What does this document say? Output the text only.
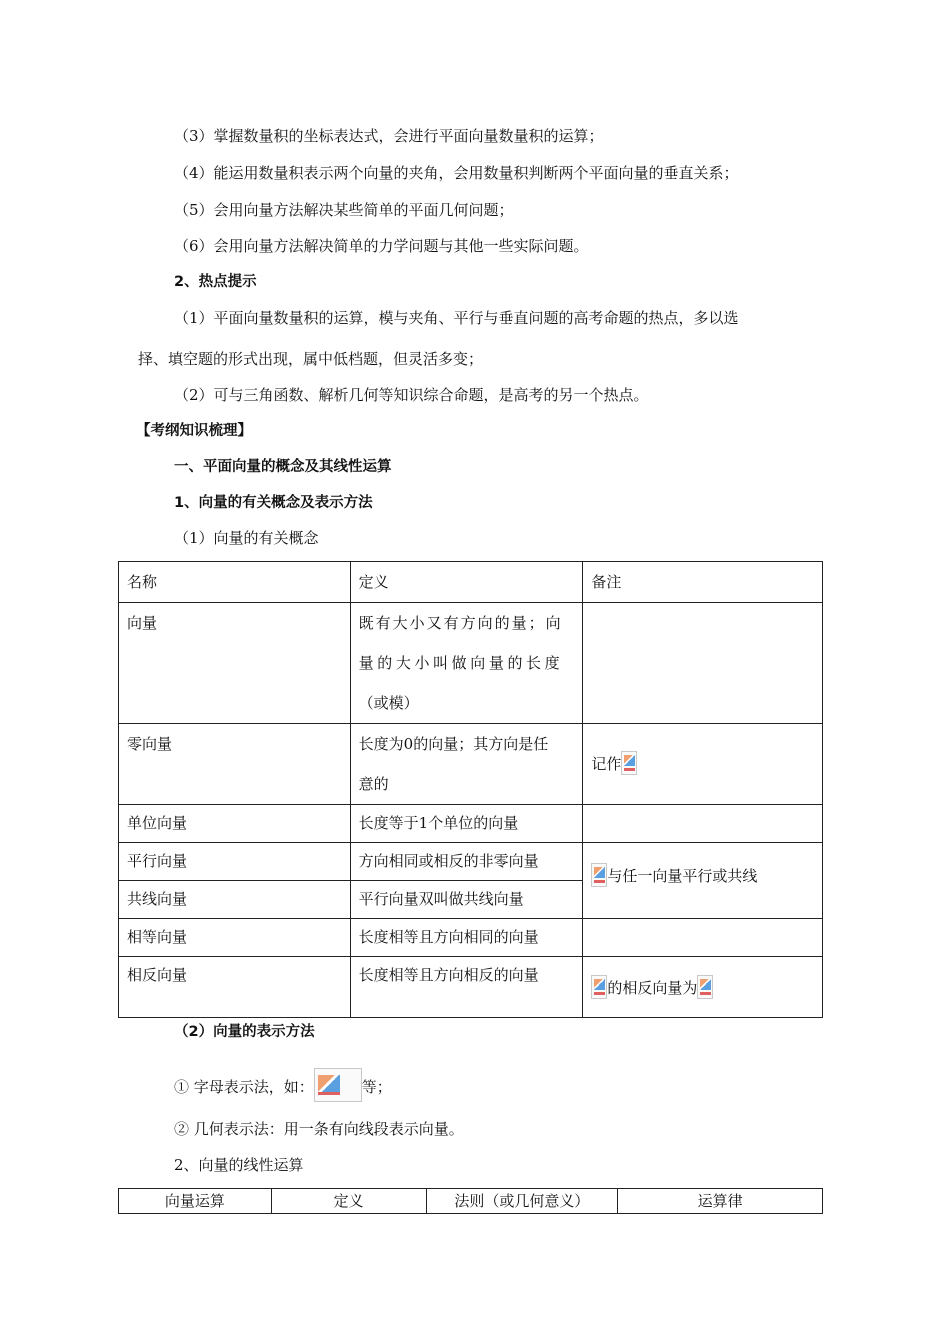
（3）掌握数量积的坐标表达式，会进行平面向量数量积的运算；
（4）能运用数量积表示两个向量的夹角，会用数量积判断两个平面向量的垂直关系；
（5）会用向量方法解决某些简单的平面几何问题；
（6）会用向量方法解决简单的力学问题与其他一些实际问题。
2、热点提示
（1）平面向量数量积的运算，模与夹角、平行与垂直问题的高考命题的热点，多以选
择、填空题的形式出现，属中低档题，但灵活多变；
（2）可与三角函数、解析几何等知识综合命题，是高考的另一个热点。
【考纲知识梳理】
一、平面向量的概念及其线性运算
1、向量的有关概念及表示方法
（1）向量的有关概念
名称	定义	备注
向量	既有大小又有方向的量；向
量的大小叫做向量的长度
（或模）	

零向量	长度为0的向量；其方向是任
意的	记作
单位向量	长度等于1个单位的向量	
平行向量	方向相同或相反的非零向量	与任一向量平行或共线
共线向量	平行向量双叫做共线向量	
相等向量	长度相等且方向相同的向量	
相反向量	长度相等且方向相反的向量	的相反向量为
（2）向量的表示方法
① 字母表示法，如：	等；
② 几何表示法：用一条有向线段表示向量。
2、向量的线性运算
向量运算	定义	法则（或几何意义）	运算律
